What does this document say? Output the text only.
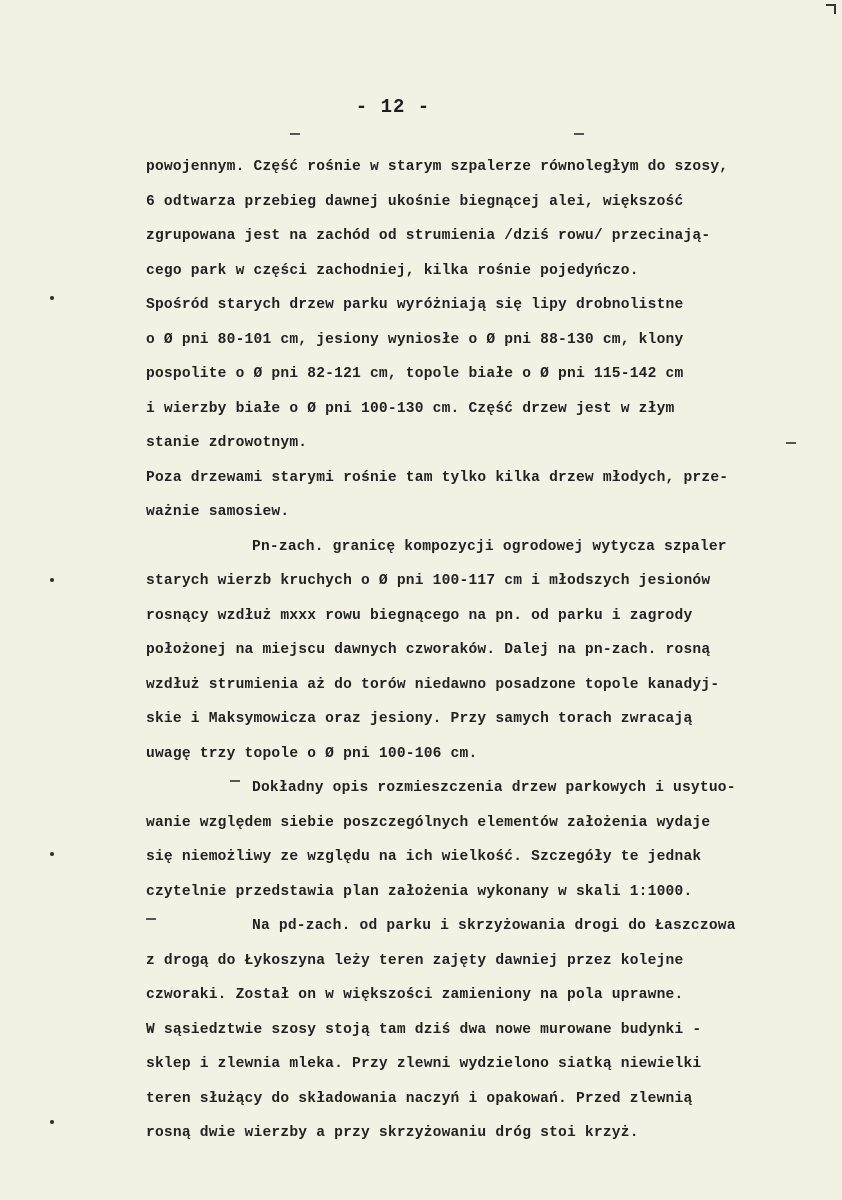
- 12 -
powojennym. Część rośnie w starym szpalerze równoległym do szosy,
6 odtwarza przebieg dawnej ukośnie biegnącej alei, większość
zgrupowana jest na zachód od strumienia /dziś rowu/ przecinają-
cego park w części zachodniej, kilka rośnie pojedyńczo.
Spośród starych drzew parku wyróżniają się lipy drobnolistne
o Ø pni 80-101 cm, jesiony wyniosłe o Ø pni 88-130 cm, klony
pospolite o Ø pni 82-121 cm, topole białe o Ø pni 115-142 cm
i wierzby białe o Ø pni 100-130 cm. Część drzew jest w złym
stanie zdrowotnym.
Poza drzewami starymi rośnie tam tylko kilka drzew młodych, prze-
ważnie samosiew.
Pn-zach. granicę kompozycji ogrodowej wytycza szpaler
starych wierzb kruchych o Ø pni 100-117 cm i młodszych jesionów
rosnący wzdłuż mxxx rowu biegnącego na pn. od parku i zagrody
położonej na miejscu dawnych czworaków. Dalej na pn-zach. rosną
wzdłuż strumienia aż do torów niedawno posadzone topole kanadyj-
skie i Maksymowicza oraz jesiony. Przy samych torach zwracają
uwagę trzy topole o Ø pni 100-106 cm.
Dokładny opis rozmieszczenia drzew parkowych i usytuo-
wanie względem siebie poszczególnych elementów założenia wydaje
się niemożliwy ze względu na ich wielkość. Szczegóły te jednak
czytelnie przedstawia plan założenia wykonany w skali 1:1000.
Na pd-zach. od parku i skrzyżowania drogi do Łaszczowa
z drogą do Łykoszyna leży teren zajęty dawniej przez kolejne
czworaki. Został on w większości zamieniony na pola uprawne.
W sąsiedztwie szosy stoją tam dziś dwa nowe murowane budynki -
sklep i zlewnia mleka. Przy zlewni wydzielono siatką niewielki
teren służący do składowania naczyń i opakowań. Przed zlewnią
rosną dwie wierzby a przy skrzyżowaniu dróg stoi krzyż.
